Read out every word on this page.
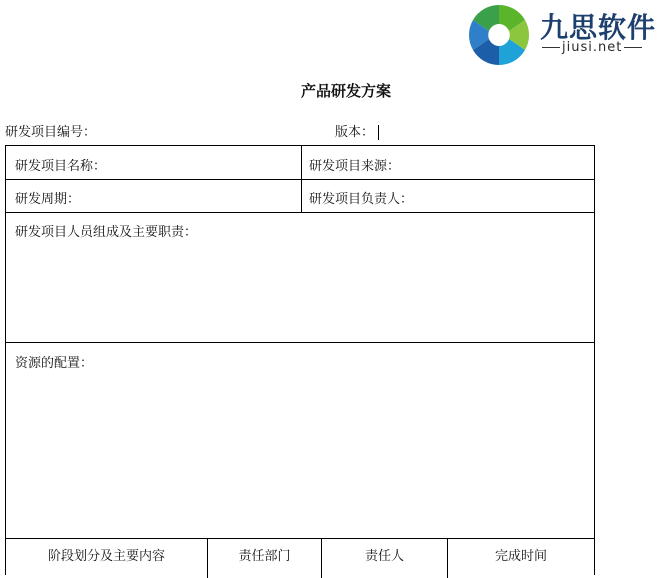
九思软件
jiusi.net
产品研发方案
研发项目编号：	版本：
研发项目名称：	研发项目来源：
研发周期：	研发项目负责人：
研发项目人员组成及主要职责：
资源的配置：
阶段划分及主要内容	责任部门	责任人	完成时间
